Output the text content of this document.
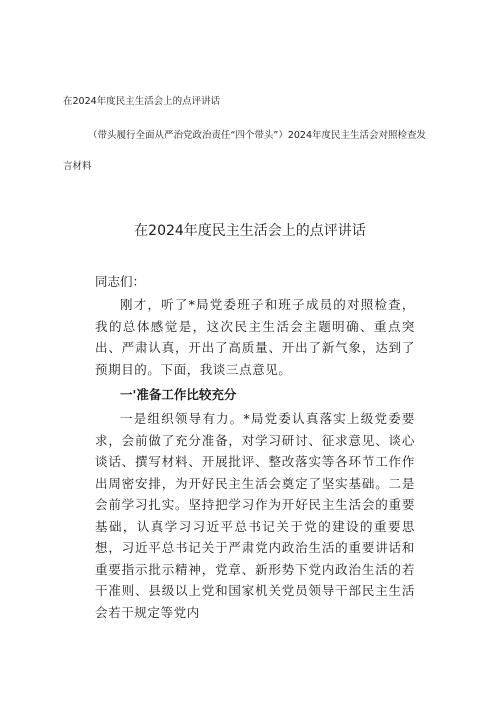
在2024年度民主生活会上的点评讲话
（带头履行全面从严治党政治责任“四个带头”）2024年度民主生活会对照检查发
言材料
在2024年度民主生活会上的点评讲话
同志们：
刚才，听了*局党委班子和班子成员的对照检查，我的总体感觉是，这次民主生活会主题明确、重点突出、严肃认真，开出了高质量、开出了新气象，达到了预期目的。下面，我谈三点意见。
一'准备工作比较充分
一是组织领导有力。*局党委认真落实上级党委要求，会前做了充分准备，对学习研讨、征求意见、谈心谈话、撰写材料、开展批评、整改落实等各环节工作作出周密安排，为开好民主生活会奠定了坚实基础。二是会前学习扎实。坚持把学习作为开好民主生活会的重要基础，认真学习习近平总书记关于党的建设的重要思想，习近平总书记关于严肃党内政治生活的重要讲话和重要指示批示精神，党章、新形势下党内政治生活的若干准则、县级以上党和国家机关党员领导干部民主生活会若干规定等党内
